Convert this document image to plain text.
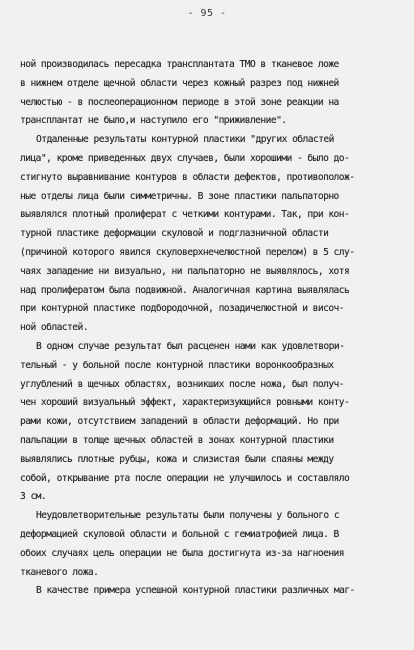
- 95 -
ной производилась пересадка трансплантата ТМО в тканевое ложе
в нижнем отделе щечной области через кожный разрез под нижней
челюстью - в послеоперационном периоде в этой зоне реакции на
трансплантат не было,и наступило его "приживление".
Отдаленные результаты контурной пластики "других областей
лица", кроме приведенных двух случаев, были хорошими - было до-
стигнуто выравнивание контуров в области дефектов, противополож-
ные отделы лица были симметричны. В зоне пластики пальпаторно
выявлялся плотный пролиферат с четкими контурами. Так, при кон-
турной пластике деформации скуловой и подглазничной области
(причиной которого явился скуловерхнечелюстной перелом) в 5 слу-
чаях западение ни визуально, ни пальпаторно не выявлялось, хотя
над пролифератом была подвижной. Аналогичная картина выявлялась
при контурной пластике подбородочной, позадичелюстной и височ-
ной областей.
В одном случае результат был расценен нами как удовлетвори-
тельный - у больной после контурной пластики воронкообразных
углублений в щечных областях, возникших после ножа, был получ-
чен хороший визуальный эффект, характеризующийся ровными конту-
рами кожи, отсутствием западений в области деформаций. Но при
пальпации в толще щечных областей в зонах контурной пластики
выявлялись плотные рубцы, кожа и слизистая были спаяны между
собой, открывание рта после операции не улучшилось и составляло
3 см.
Неудовлетворительные результаты были получены у больного с
деформацией скуловой области и больной с гемиатрофией лица. В
обоих случаях цель операции не была достигнута из-за нагноения
тканевого ложа.
В качестве примера успешной контурной пластики различных маг-
